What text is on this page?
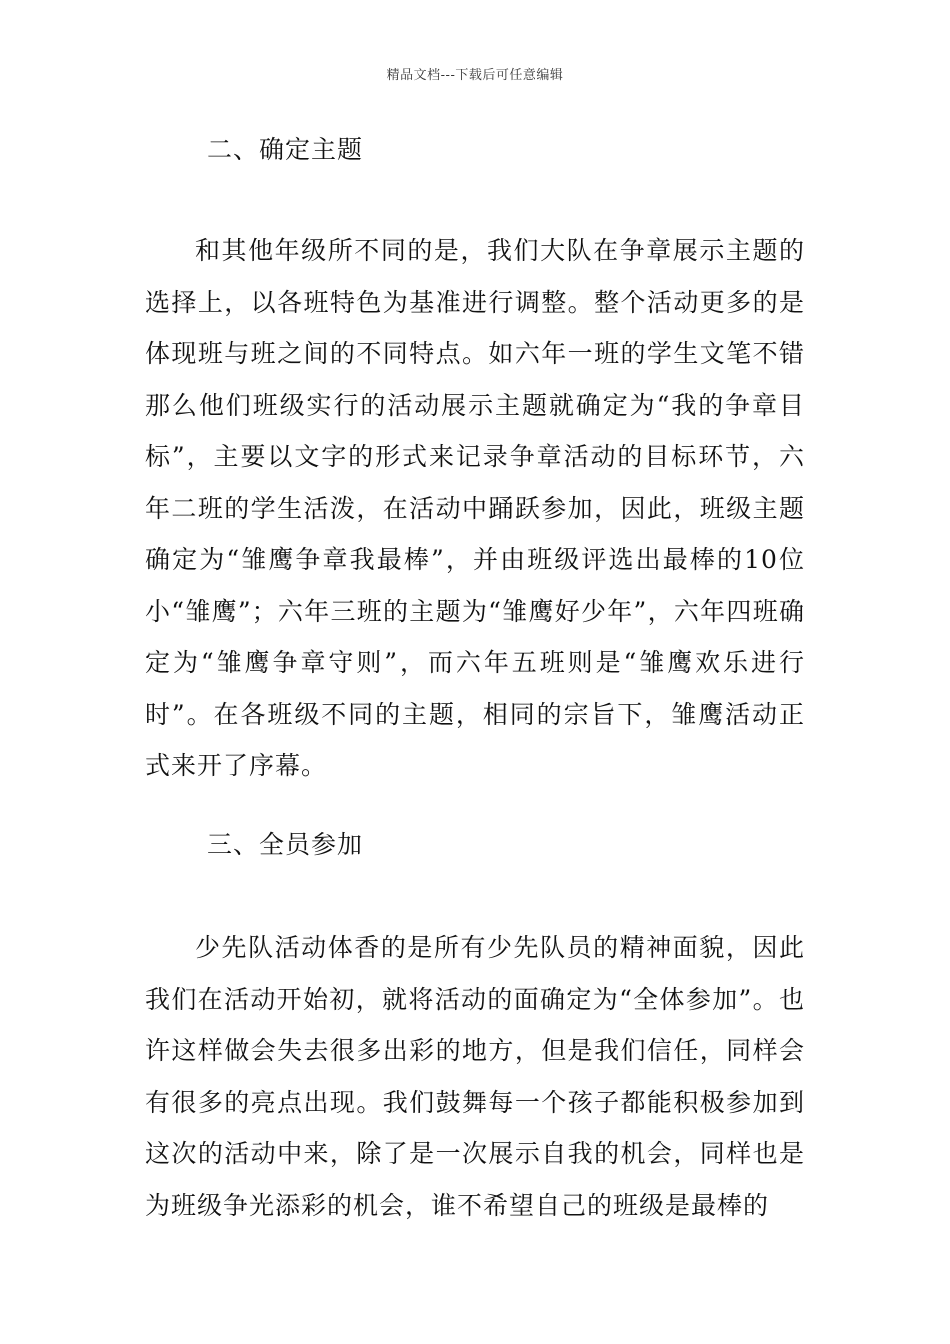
精品文档---下载后可任意编辑
二、确定主题
和其他年级所不同的是，我们大队在争章展示主题的选择上，以各班特色为基准进行调整。整个活动更多的是体现班与班之间的不同特点。如六年一班的学生文笔不错那么他们班级实行的活动展示主题就确定为“我的争章目标”，主要以文字的形式来记录争章活动的目标环节，六年二班的学生活泼，在活动中踊跃参加，因此，班级主题确定为“雏鹰争章我最棒”，并由班级评选出最棒的10位小“雏鹰”；六年三班的主题为“雏鹰好少年”，六年四班确定为“雏鹰争章守则”，而六年五班则是“雏鹰欢乐进行时”。在各班级不同的主题，相同的宗旨下，雏鹰活动正式来开了序幕。
三、全员参加
少先队活动体香的是所有少先队员的精神面貌，因此我们在活动开始初，就将活动的面确定为“全体参加”。也许这样做会失去很多出彩的地方，但是我们信任，同样会有很多的亮点出现。我们鼓舞每一个孩子都能积极参加到这次的活动中来，除了是一次展示自我的机会，同样也是为班级争光添彩的机会，谁不希望自己的班级是最棒的
